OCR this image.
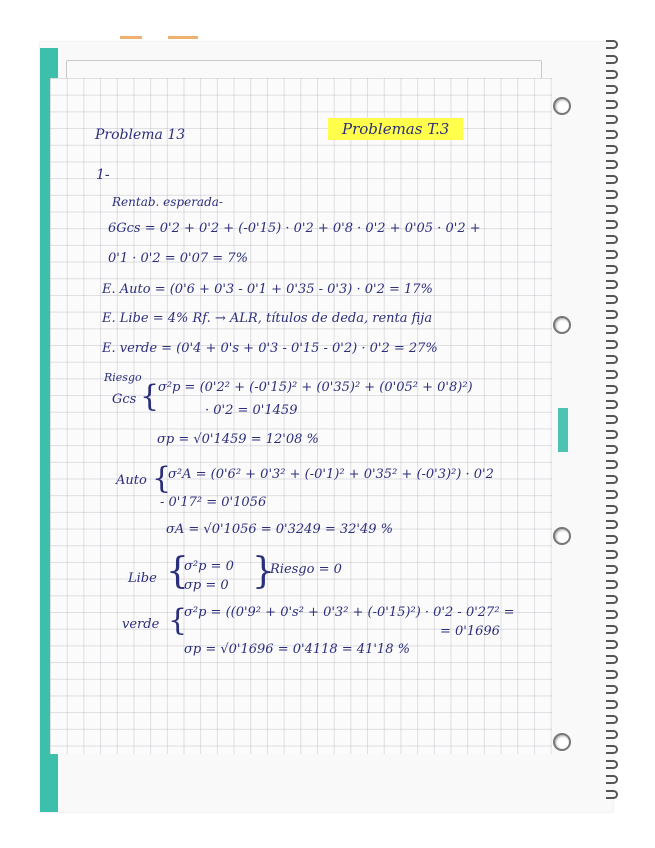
Problema 13	Problemas T.3
1-
Rentab. esperada-
6Gcs = 0'2 + 0'2 + (-0'15) · 0'2 + 0'8 · 0'2 + 0'05 · 0'2 +
0'1 · 0'2 = 0'07 = 7%
E. Auto = (0'6 + 0'3 - 0'1 + 0'35 - 0'3) · 0'2 = 17%
E. Libe = 4% Rf. → ALR, títulos de deda, renta fija
E. verde = (0'4 + 0's + 0'3 - 0'15 - 0'2) · 0'2 = 27%
Riesgo
Gcs {
σ²p = (0'2² + (-0'15)² + (0'35)² + (0'05² + 0'8)²)
· 0'2 = 0'1459
σp = √0'1459 = 12'08 %
Auto {
σ²A = (0'6² + 0'3² + (-0'1)² + 0'35² + (-0'3)²) · 0'2
- 0'17² = 0'1056
σA = √0'1056 = 0'3249 = 32'49 %
Libe {
σ²p = 0
σp = 0 }
Riesgo = 0
verde {
σ²p = ((0'9² + 0's² + 0'3² + (-0'15)²) · 0'2 - 0'27² =
= 0'1696
σp = √0'1696 = 0'4118 = 41'18 %
